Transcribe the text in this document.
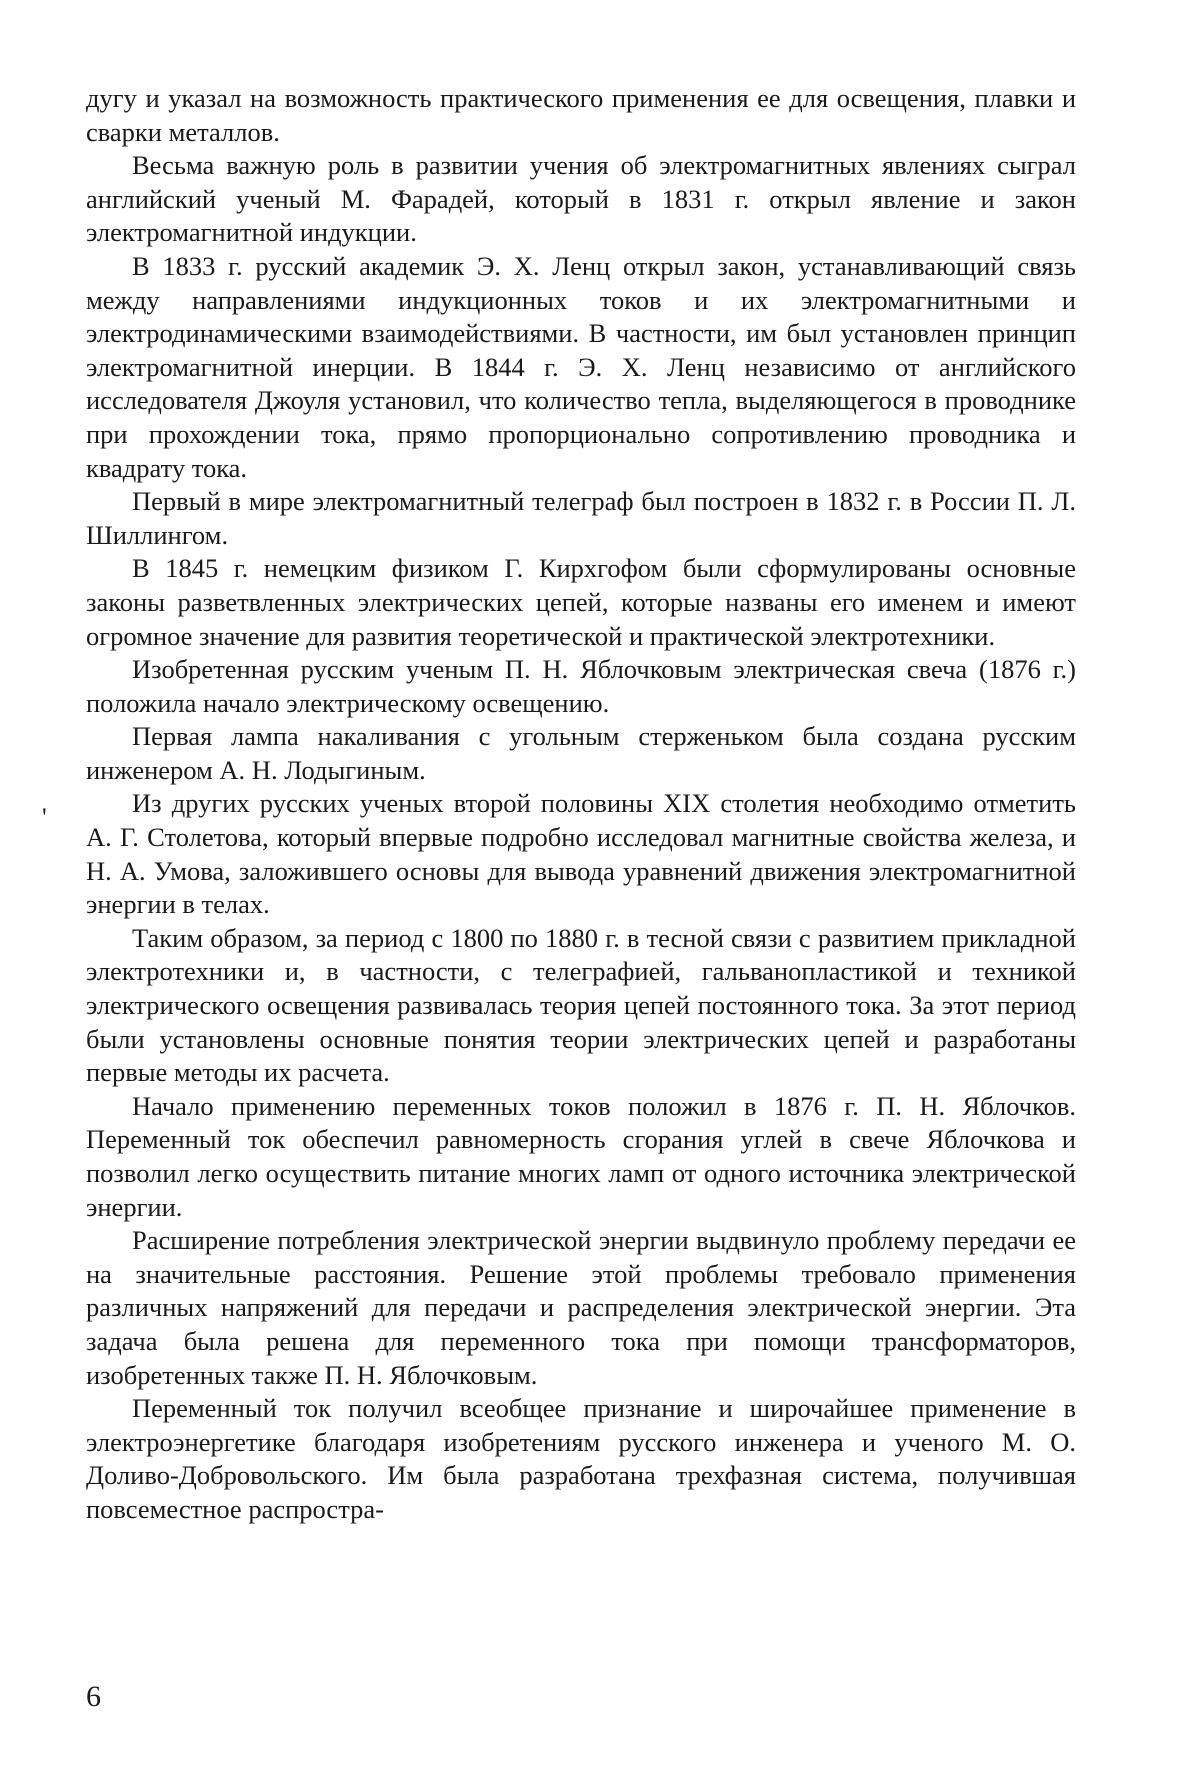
дугу и указал на возможность практического применения ее для освещения, плавки и сварки металлов.

Весьма важную роль в развитии учения об электромагнитных явлениях сыграл английский ученый М. Фарадей, который в 1831 г. открыл явление и закон электромагнитной индукции.

В 1833 г. русский академик Э. Х. Ленц открыл закон, устанавливающий связь между направлениями индукционных токов и их электромагнитными и электродинамическими взаимодействиями. В частности, им был установлен принцип электромагнитной инерции. В 1844 г. Э. Х. Ленц независимо от английского исследователя Джоуля установил, что количество тепла, выделяющегося в проводнике при прохождении тока, прямо пропорционально сопротивлению проводника и квадрату тока.

Первый в мире электромагнитный телеграф был построен в 1832 г. в России П. Л. Шиллингом.

В 1845 г. немецким физиком Г. Кирхгофом были сформулированы основные законы разветвленных электрических цепей, которые названы его именем и имеют огромное значение для развития теоретической и практической электротехники.

Изобретенная русским ученым П. Н. Яблочковым электрическая свеча (1876 г.) положила начало электрическому освещению.

Первая лампа накаливания с угольным стерженьком была создана русским инженером А. Н. Лодыгиным.

Из других русских ученых второй половины XIX столетия необходимо отметить А. Г. Столетова, который впервые подробно исследовал магнитные свойства железа, и Н. А. Умова, заложившего основы для вывода уравнений движения электромагнитной энергии в телах.

Таким образом, за период с 1800 по 1880 г. в тесной связи с развитием прикладной электротехники и, в частности, с телеграфией, гальванопластикой и техникой электрического освещения развивалась теория цепей постоянного тока. За этот период были установлены основные понятия теории электрических цепей и разработаны первые методы их расчета.

Начало применению переменных токов положил в 1876 г. П. Н. Яблочков. Переменный ток обеспечил равномерность сгорания углей в свече Яблочкова и позволил легко осуществить питание многих ламп от одного источника электрической энергии.

Расширение потребления электрической энергии выдвинуло проблему передачи ее на значительные расстояния. Решение этой проблемы требовало применения различных напряжений для передачи и распределения электрической энергии. Эта задача была решена для переменного тока при помощи трансформаторов, изобретенных также П. Н. Яблочковым.

Переменный ток получил всеобщее признание и широчайшее применение в электроэнергетике благодаря изобретениям русского инженера и ученого М. О. Доливо-Добровольского. Им была разработана трехфазная система, получившая повсеместное распростра-

'
6
